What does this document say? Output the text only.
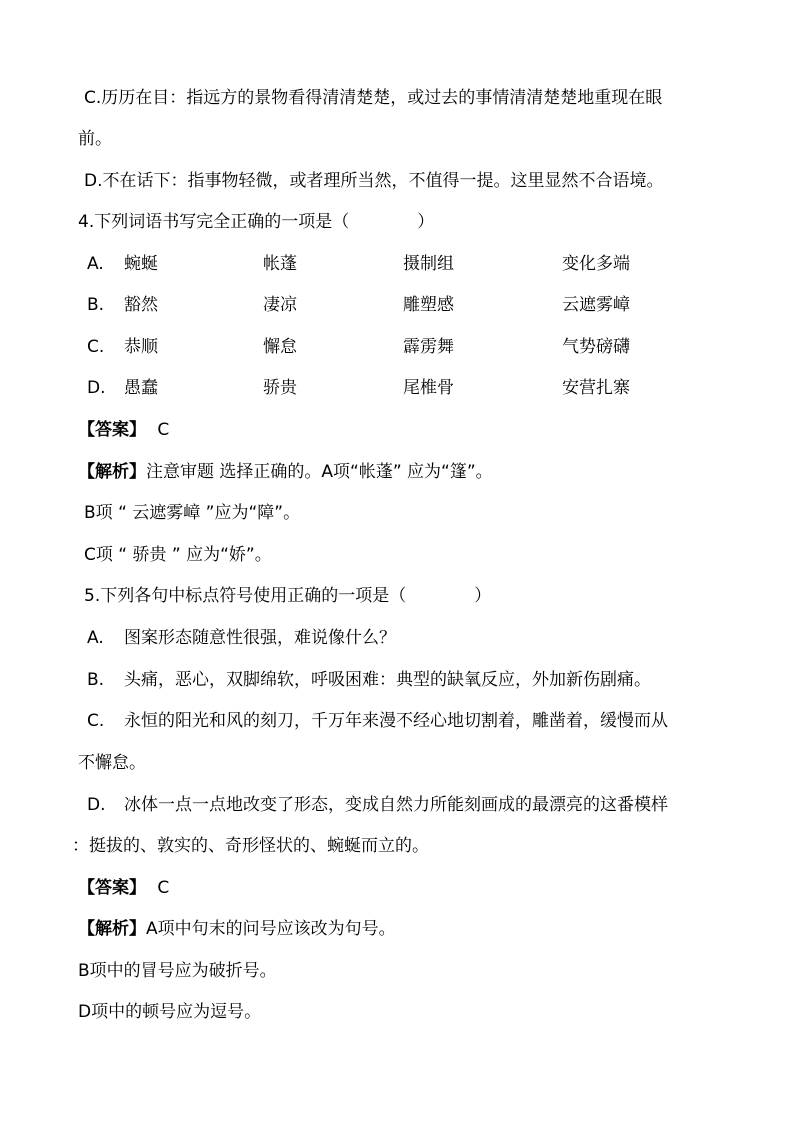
C.历历在目：指远方的景物看得清清楚楚，或过去的事情清清楚楚地重现在眼
前。
D.不在话下：指事物轻微，或者理所当然，不值得一提。这里显然不合语境。
4.下列词语书写完全正确的一项是（　　　　）
A. 蜿蜒	帐蓬	摄制组	变化多端
B. 豁然	凄凉	雕塑感	云遮雾嶂
C. 恭顺	懈怠	霹雳舞	气势磅礴
D. 愚蠢	骄贵	尾椎骨	安营扎寨
【答案】 C
【解析】注意审题 选择正确的。A项“帐蓬” 应为“篷”。
B项 “ 云遮雾嶂 ”应为“障”。
C项 “ 骄贵 ” 应为“娇”。
5.下列各句中标点符号使用正确的一项是（　　　　）
A. 图案形态随意性很强，难说像什么？
B. 头痛，恶心，双脚绵软，呼吸困难：典型的缺氧反应，外加新伤剧痛。
C. 永恒的阳光和风的刻刀，千万年来漫不经心地切割着，雕凿着，缓慢而从
不懈怠。
D. 冰体一点一点地改变了形态，变成自然力所能刻画成的最漂亮的这番模样
：挺拔的、敦实的、奇形怪状的、蜿蜒而立的。
【答案】 C
【解析】A项中句末的问号应该改为句号。
B项中的冒号应为破折号。
D项中的顿号应为逗号。
